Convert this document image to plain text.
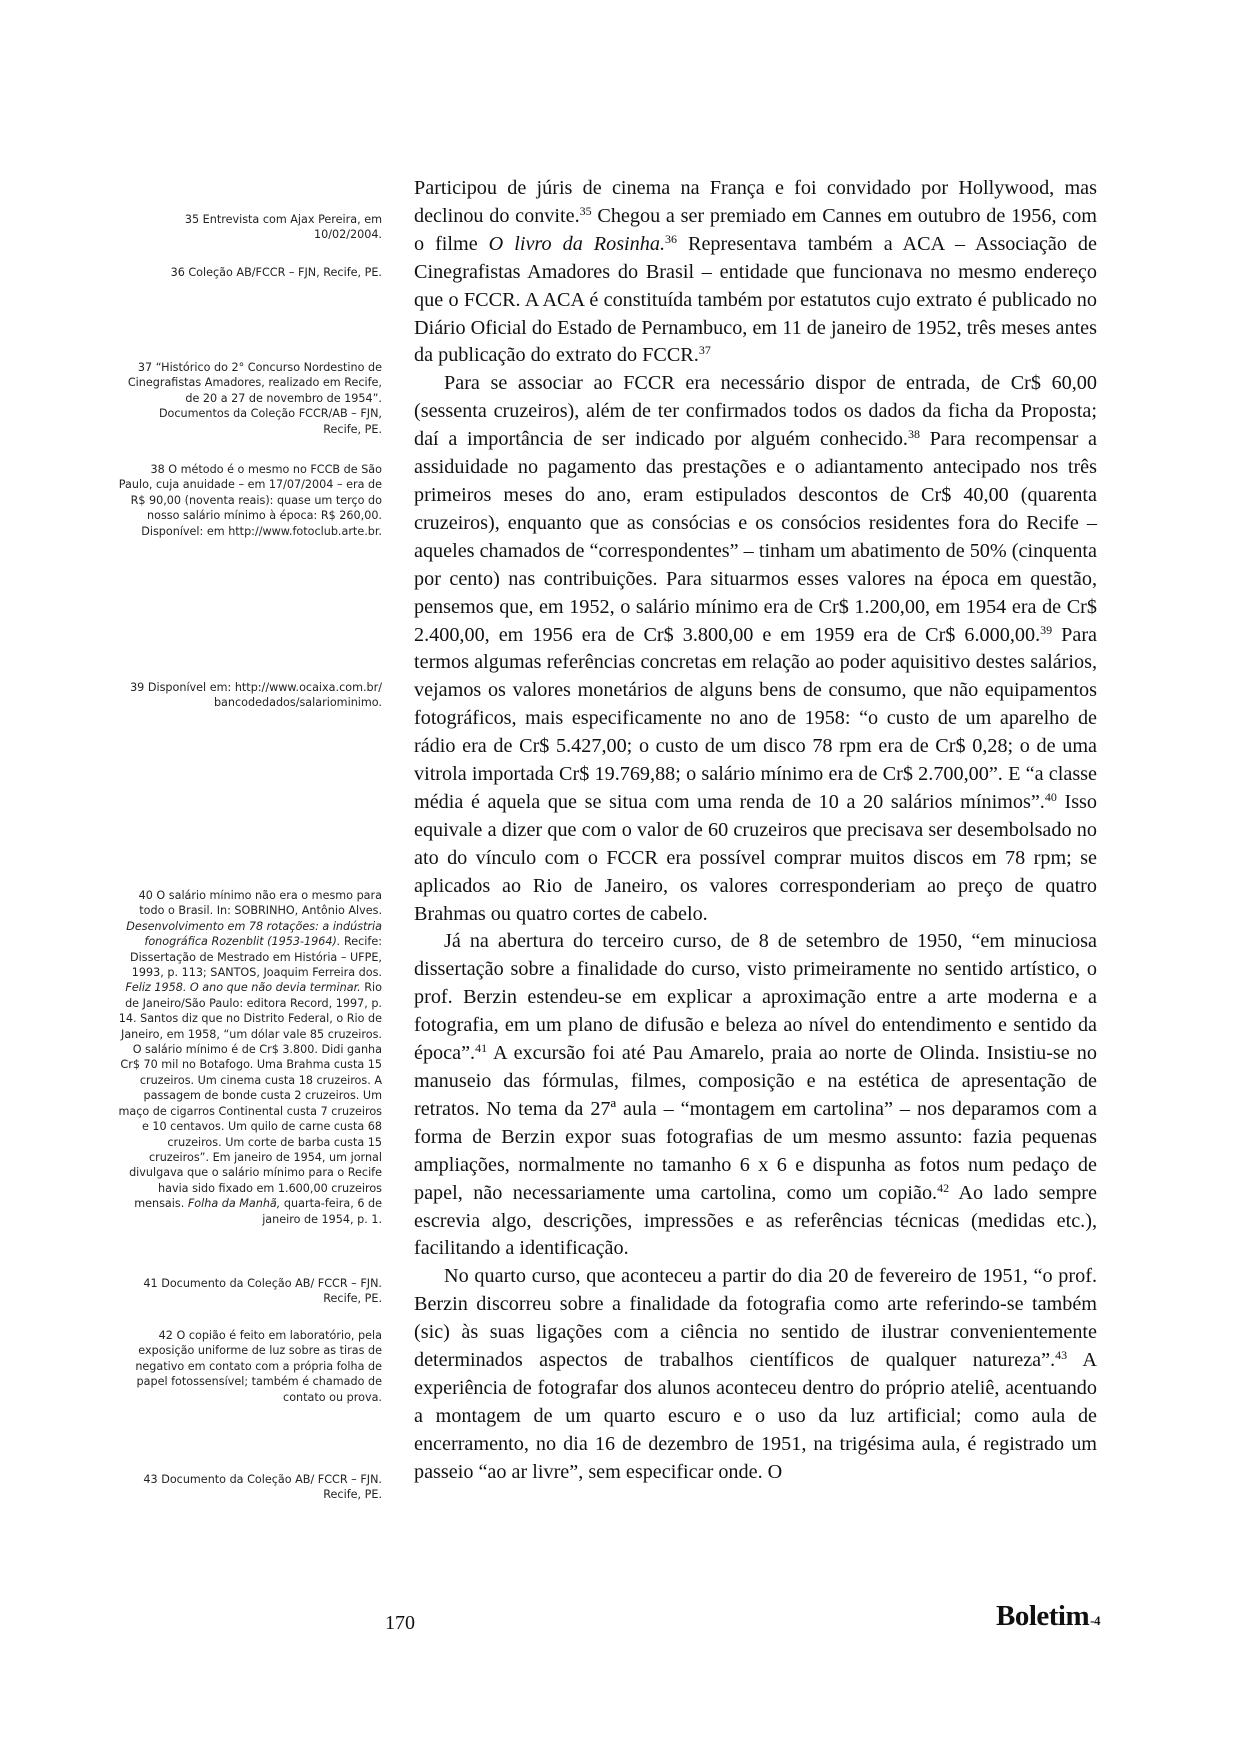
35 Entrevista com Ajax Pereira, em 10/02/2004.

36 Coleção AB/FCCR – FJN, Recife, PE.

37 “Histórico do 2° Concurso Nordestino de Cinegrafistas Amadores, realizado em Recife, de 20 a 27 de novembro de 1954”. Documentos da Coleção FCCR/AB – FJN, Recife, PE.

38 O método é o mesmo no FCCB de São Paulo, cuja anuidade – em 17/07/2004 – era de R$ 90,00 (noventa reais): quase um terço do nosso salário mínimo à época: R$ 260,00. Disponível: em http://www.fotoclub.arte.br.

39 Disponível em: http://www.ocaixa.com.br/ bancodedados/salariominimo.

40 O salário mínimo não era o mesmo para todo o Brasil. In: SOBRINHO, Antônio Alves. Desenvolvimento em 78 rotações: a indústria fonográfica Rozenblit (1953-1964). Recife: Dissertação de Mestrado em História – UFPE, 1993, p. 113; SANTOS, Joaquim Ferreira dos. Feliz 1958. O ano que não devia terminar. Rio de Janeiro/São Paulo: editora Record, 1997, p. 14. Santos diz que no Distrito Federal, o Rio de Janeiro, em 1958, “um dólar vale 85 cruzeiros. O salário mínimo é de Cr$ 3.800. Didi ganha Cr$ 70 mil no Botafogo. Uma Brahma custa 15 cruzeiros. Um cinema custa 18 cruzeiros. A passagem de bonde custa 2 cruzeiros. Um maço de cigarros Continental custa 7 cruzeiros e 10 centavos. Um quilo de carne custa 68 cruzeiros. Um corte de barba custa 15 cruzeiros”. Em janeiro de 1954, um jornal divulgava que o salário mínimo para o Recife havia sido fixado em 1.600,00 cruzeiros mensais. Folha da Manhã, quarta-feira, 6 de janeiro de 1954, p. 1.

41 Documento da Coleção AB/ FCCR – FJN. Recife, PE.

42 O copião é feito em laboratório, pela exposição uniforme de luz sobre as tiras de negativo em contato com a própria folha de papel fotossensível; também é chamado de contato ou prova.

43 Documento da Coleção AB/ FCCR – FJN. Recife, PE.

Participou de júris de cinema na França e foi convidado por Hollywood, mas declinou do convite.$^{35}$ Chegou a ser premiado em Cannes em outubro de 1956, com o filme O livro da Rosinha.$^{36}$ Representava também a ACA – Associação de Cinegrafistas Amadores do Brasil – entidade que funcionava no mesmo endereço que o FCCR. A ACA é constituída também por estatutos cujo extrato é publicado no Diário Oficial do Estado de Pernambuco, em 11 de janeiro de 1952, três meses antes da publicação do extrato do FCCR.$^{37}$

Para se associar ao FCCR era necessário dispor de entrada, de Cr$ 60,00 (sessenta cruzeiros), além de ter confirmados todos os dados da ficha da Proposta; daí a importância de ser indicado por alguém conhecido.$^{38}$ Para recompensar a assiduidade no pagamento das prestações e o adiantamento antecipado nos três primeiros meses do ano, eram estipulados descontos de Cr$ 40,00 (quarenta cruzeiros), enquanto que as consócias e os consócios residentes fora do Recife – aqueles chamados de “correspondentes” – tinham um abatimento de 50% (cinquenta por cento) nas contribuições. Para situarmos esses valores na época em questão, pensemos que, em 1952, o salário mínimo era de Cr$ 1.200,00, em 1954 era de Cr$ 2.400,00, em 1956 era de Cr$ 3.800,00 e em 1959 era de Cr$ 6.000,00.39 Para termos algumas referências concretas em relação ao poder aquisitivo destes salários, vejamos os valores monetários de alguns bens de consumo, que não equipamentos fotográficos, mais especificamente no ano de 1958: “o custo de um aparelho de rádio era de Cr$ 5.427,00; o custo de um disco 78 rpm era de Cr$ 0,28; o de uma vitrola importada Cr$ 19.769,88; o salário mínimo era de Cr$ 2.700,00”. E “a classe média é aquela que se situa com uma renda de 10 a 20 salários mínimos”.$^{40}$ Isso equivale a dizer que com o valor de 60 cruzeiros que precisava ser desembolsado no ato do vínculo com o FCCR era possível comprar muitos discos em 78 rpm; se aplicados ao Rio de Janeiro, os valores corresponderiam ao preço de quatro Brahmas ou quatro cortes de cabelo.

Já na abertura do terceiro curso, de 8 de setembro de 1950, “em minuciosa dissertação sobre a finalidade do curso, visto primeiramente no sentido artístico, o prof. Berzin estendeu-se em explicar a aproximação entre a arte moderna e a fotografia, em um plano de difusão e beleza ao nível do entendimento e sentido da época”.$^{41}$ A excursão foi até Pau Amarelo, praia ao norte de Olinda. Insistiu-se no manuseio das fórmulas, filmes, composição e na estética de apresentação de retratos. No tema da 27ª aula – “montagem em cartolina” – nos deparamos com a forma de Berzin expor suas fotografias de um mesmo assunto: fazia pequenas ampliações, normalmente no tamanho 6 x 6 e dispunha as fotos num pedaço de papel, não necessariamente uma cartolina, como um copião.$^{42}$ Ao lado sempre escrevia algo, descrições, impressões e as referências técnicas (medidas etc.), facilitando a identificação.

No quarto curso, que aconteceu a partir do dia 20 de fevereiro de 1951, “o prof. Berzin discorreu sobre a finalidade da fotografia como arte referindo-se também (sic) às suas ligações com a ciência no sentido de ilustrar convenientemente determinados aspectos de trabalhos científicos de qualquer natureza”.$^{43}$ A experiência de fotografar dos alunos aconteceu dentro do próprio ateliê, acentuando a montagem de um quarto escuro e o uso da luz artificial; como aula de encerramento, no dia 16 de dezembro de 1951, na trigésima aula, é registrado um passeio “ao ar livre”, sem especificar onde. O

170	Boletim-4
